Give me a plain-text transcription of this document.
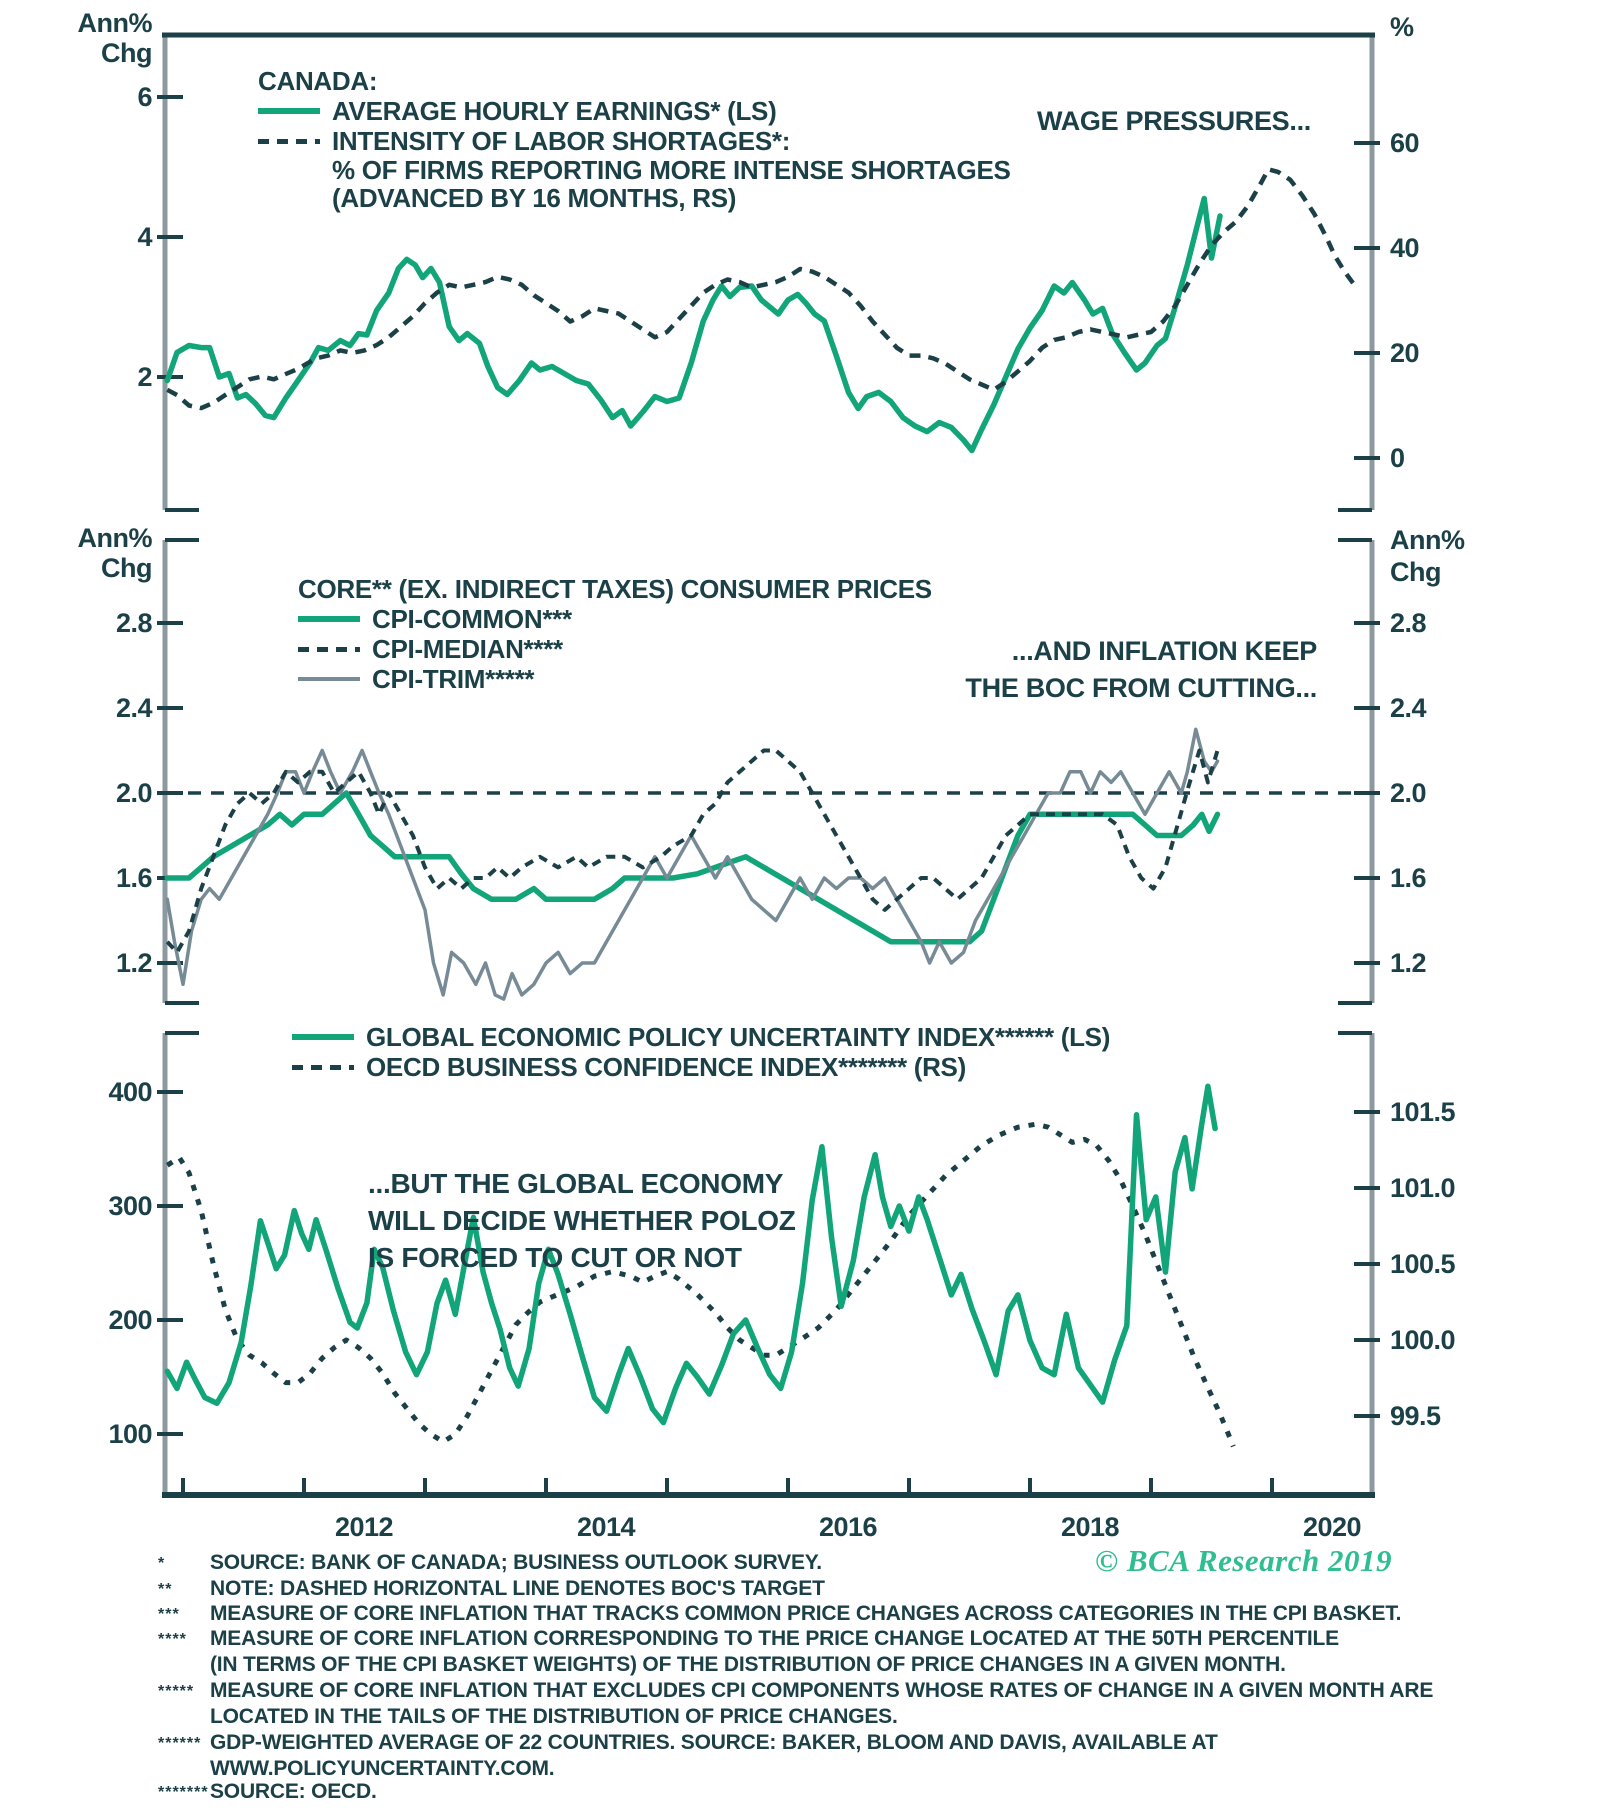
Ann%
Chg
%
6
4
2
60
40
20
0
Ann%
Chg
Ann%
Chg
2.8
2.4
2.0
1.6
1.2
2.8
2.4
2.0
1.6
1.2
400
300
200
100
101.5
101.0
100.5
100.0
99.5
2012	2014	2016	2018	2020
CANADA:
AVERAGE HOURLY EARNINGS* (LS)
INTENSITY OF LABOR SHORTAGES*:
% OF FIRMS REPORTING MORE INTENSE SHORTAGES
(ADVANCED BY 16 MONTHS, RS)
WAGE PRESSURES...
CORE** (EX. INDIRECT TAXES) CONSUMER PRICES
CPI-COMMON***
CPI-MEDIAN****
CPI-TRIM*****
...AND INFLATION KEEP
THE BOC FROM CUTTING...
GLOBAL ECONOMIC POLICY UNCERTAINTY INDEX****** (LS)
OECD BUSINESS CONFIDENCE INDEX******* (RS)
...BUT THE GLOBAL ECONOMY
WILL DECIDE WHETHER POLOZ
IS FORCED TO CUT OR NOT
*	SOURCE: BANK OF CANADA; BUSINESS OUTLOOK SURVEY.
**	NOTE: DASHED HORIZONTAL LINE DENOTES BOC'S TARGET
***	MEASURE OF CORE INFLATION THAT TRACKS COMMON PRICE CHANGES ACROSS CATEGORIES IN THE CPI BASKET.
****	MEASURE OF CORE INFLATION CORRESPONDING TO THE PRICE CHANGE LOCATED AT THE 50TH PERCENTILE
(IN TERMS OF THE CPI BASKET WEIGHTS) OF THE DISTRIBUTION OF PRICE CHANGES IN A GIVEN MONTH.
***** MEASURE OF CORE INFLATION THAT EXCLUDES CPI COMPONENTS WHOSE RATES OF CHANGE IN A GIVEN MONTH ARE
LOCATED IN THE TAILS OF THE DISTRIBUTION OF PRICE CHANGES.
****** GDP-WEIGHTED AVERAGE OF 22 COUNTRIES. SOURCE: BAKER, BLOOM AND DAVIS, AVAILABLE AT
WWW.POLICYUNCERTAINTY.COM.
******* SOURCE: OECD.
© BCA Research 2019
